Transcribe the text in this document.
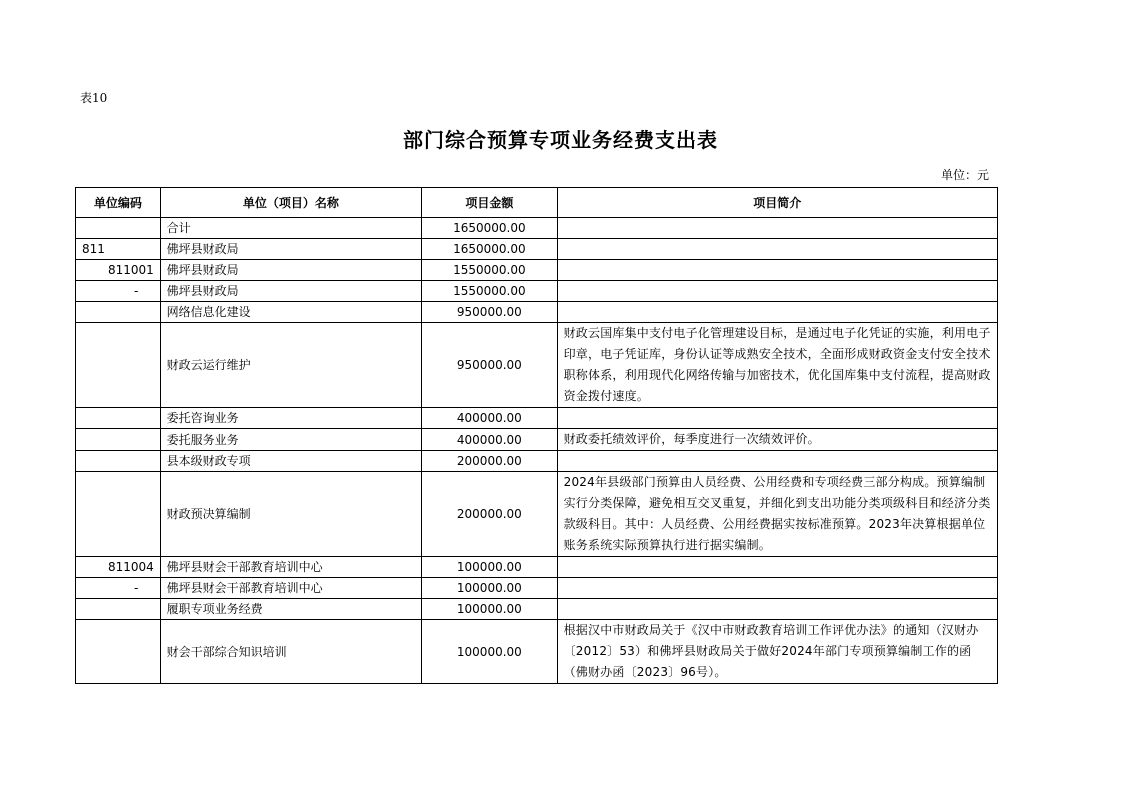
表10
部门综合预算专项业务经费支出表
单位：元
单位编码	单位（项目）名称	项目金额	项目简介
	合计	1650000.00	
811	佛坪县财政局	1650000.00	
811001	佛坪县财政局	1550000.00	
-	佛坪县财政局	1550000.00	
	网络信息化建设	950000.00	
	财政云运行维护	950000.00	财政云国库集中支付电子化管理建设目标，是通过电子化凭证的实施，利用电子印章，电子凭证库，身份认证等成熟安全技术，全面形成财政资金支付安全技术职称体系，利用现代化网络传输与加密技术，优化国库集中支付流程，提高财政资金拨付速度。
	委托咨询业务	400000.00	
	委托服务业务	400000.00	财政委托绩效评价，每季度进行一次绩效评价。
	县本级财政专项	200000.00	
	财政预决算编制	200000.00	2024年县级部门预算由人员经费、公用经费和专项经费三部分构成。预算编制实行分类保障，避免相互交叉重复，并细化到支出功能分类项级科目和经济分类款级科目。其中：人员经费、公用经费据实按标准预算。2023年决算根据单位账务系统实际预算执行进行据实编制。
811004	佛坪县财会干部教育培训中心	100000.00	
-	佛坪县财会干部教育培训中心	100000.00	
	履职专项业务经费	100000.00	
	财会干部综合知识培训	100000.00	根据汉中市财政局关于《汉中市财政教育培训工作评优办法》的通知（汉财办〔2012〕53）和佛坪县财政局关于做好2024年部门专项预算编制工作的函（佛财办函〔2023〕96号）。
